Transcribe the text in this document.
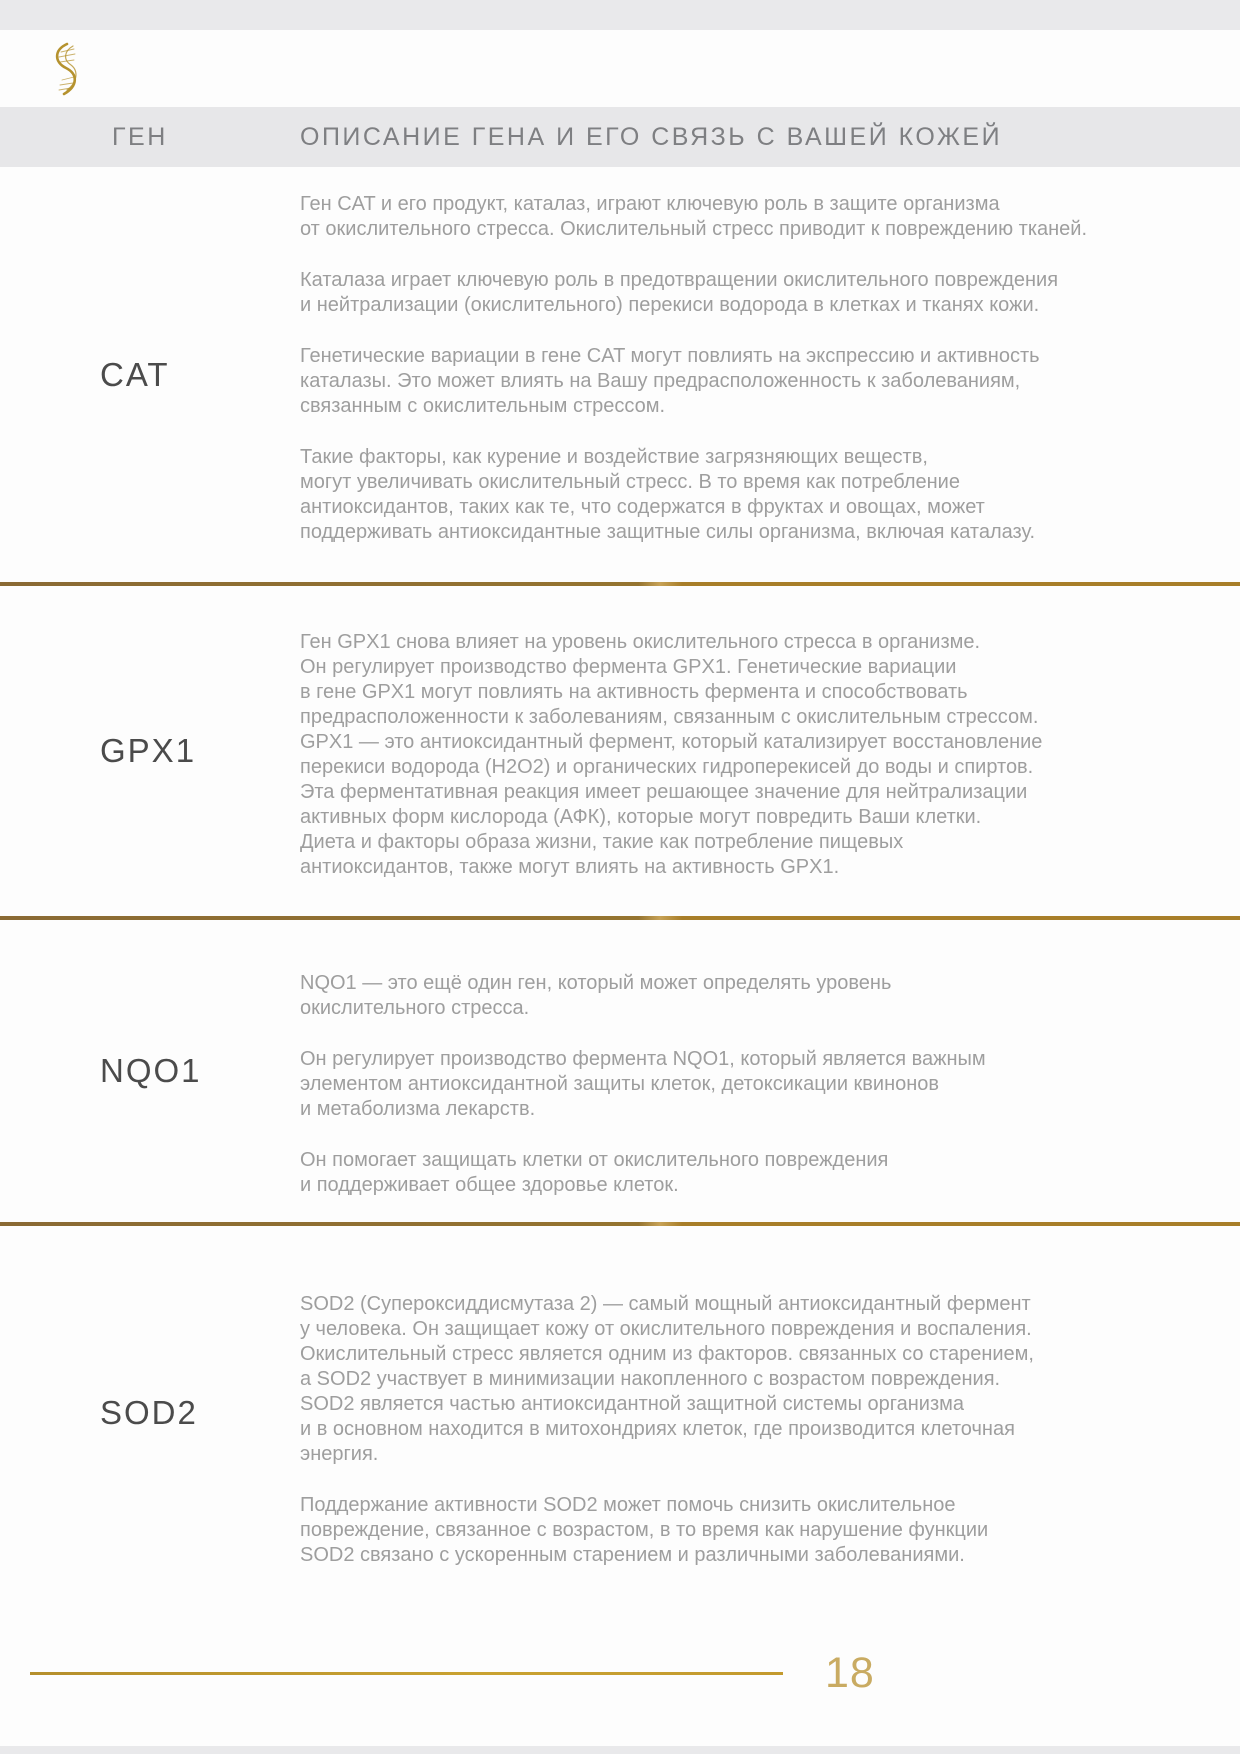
ГЕН	ОПИСАНИЕ ГЕНА И ЕГО СВЯЗЬ С ВАШЕЙ КОЖЕЙ
CAT
Ген CAT и его продукт, каталаз, играют ключевую роль в защите организма
от окислительного стресса. Окислительный стресс приводит к повреждению тканей.
Каталаза играет ключевую роль в предотвращении окислительного повреждения
и нейтрализации (окислительного) перекиси водорода в клетках и тканях кожи.
Генетические вариации в гене CAT могут повлиять на экспрессию и активность
каталазы. Это может влиять на Вашу предрасположенность к заболеваниям,
связанным с окислительным стрессом.
Такие факторы, как курение и воздействие загрязняющих веществ,
могут увеличивать окислительный стресс. В то время как потребление
антиоксидантов, таких как те, что содержатся в фруктах и овощах, может
поддерживать антиоксидантные защитные силы организма, включая каталазу.
GPX1
Ген GPX1 снова влияет на уровень окислительного стресса в организме.
Он регулирует производство фермента GPX1. Генетические вариации
в гене GPX1 могут повлиять на активность фермента и способствовать
предрасположенности к заболеваниям, связанным с окислительным стрессом.
GPX1 — это антиоксидантный фермент, который катализирует восстановление
перекиси водорода (H2O2) и органических гидроперекисей до воды и спиртов.
Эта ферментативная реакция имеет решающее значение для нейтрализации
активных форм кислорода (АФК), которые могут повредить Ваши клетки.
Диета и факторы образа жизни, такие как потребление пищевых
антиоксидантов, также могут влиять на активность GPX1.
NQO1
NQO1 — это ещё один ген, который может определять уровень
окислительного стресса.
Он регулирует производство фермента NQO1, который является важным
элементом антиоксидантной защиты клеток, детоксикации квинонов
и метаболизма лекарств.
Он помогает защищать клетки от окислительного повреждения
и поддерживает общее здоровье клеток.
SOD2
SOD2 (Супероксиддисмутаза 2) — самый мощный антиоксидантный фермент
у человека. Он защищает кожу от окислительного повреждения и воспаления.
Окислительный стресс является одним из факторов. связанных со старением,
а SOD2 участвует в минимизации накопленного с возрастом повреждения.
SOD2 является частью антиоксидантной защитной системы организма
и в основном находится в митохондриях клеток, где производится клеточная
энергия.
Поддержание активности SOD2 может помочь снизить окислительное
повреждение, связанное с возрастом, в то время как нарушение функции
SOD2 связано с ускоренным старением и различными заболеваниями.
18
